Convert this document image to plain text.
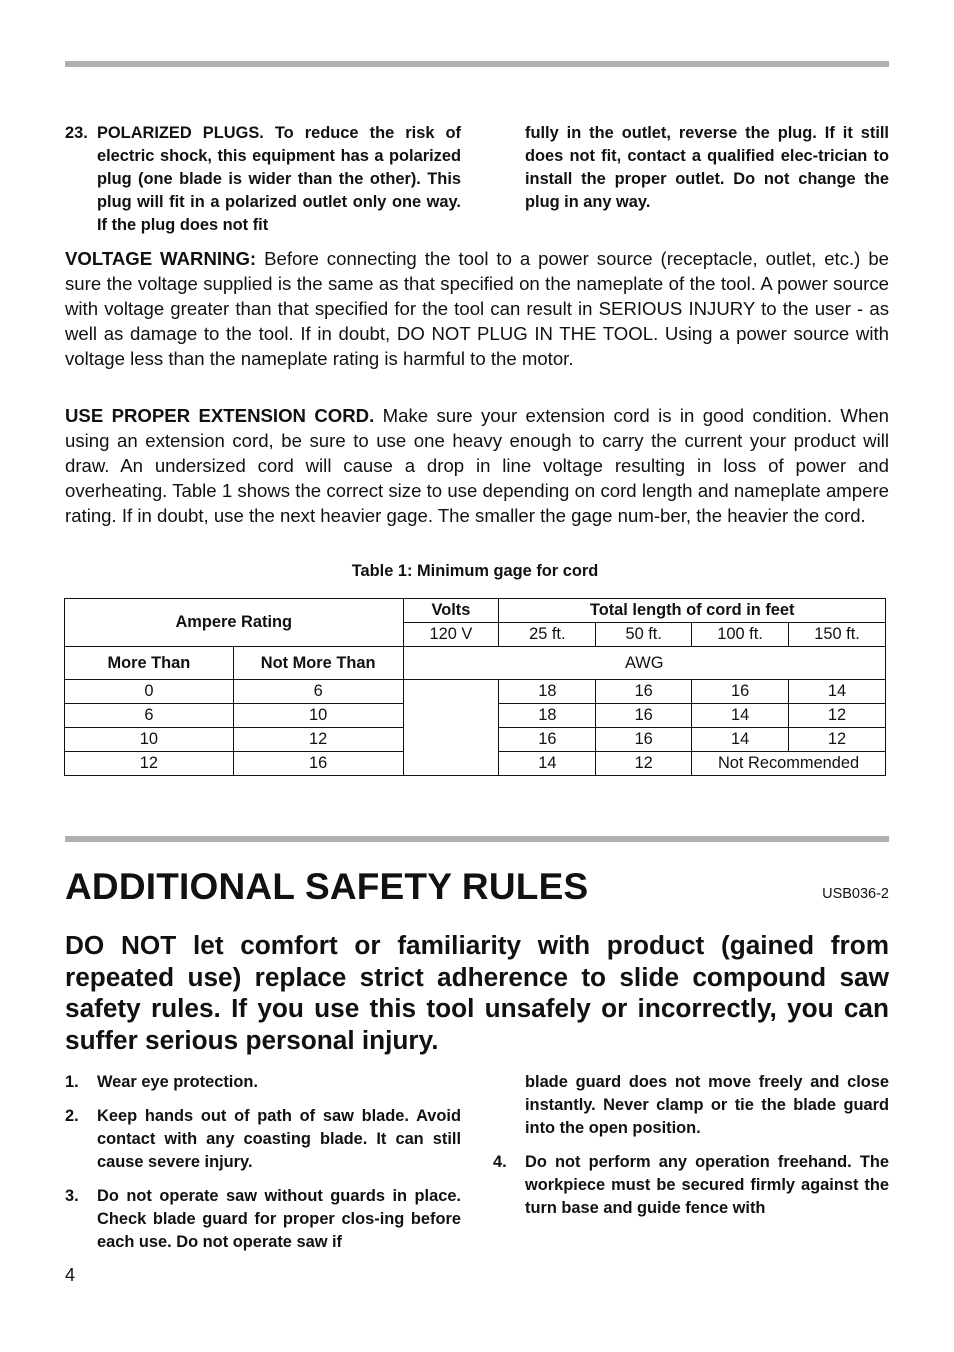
23. POLARIZED PLUGS. To reduce the risk of electric shock, this equipment has a polarized plug (one blade is wider than the other). This plug will fit in a polarized outlet only one way. If the plug does not fit
fully in the outlet, reverse the plug. If it still does not fit, contact a qualified elec-trician to install the proper outlet. Do not change the plug in any way.
VOLTAGE WARNING: Before connecting the tool to a power source (receptacle, outlet, etc.) be sure the voltage supplied is the same as that specified on the nameplate of the tool. A power source with voltage greater than that specified for the tool can result in SERIOUS INJURY to the user - as well as damage to the tool. If in doubt, DO NOT PLUG IN THE TOOL. Using a power source with voltage less than the nameplate rating is harmful to the motor.
USE PROPER EXTENSION CORD. Make sure your extension cord is in good condition. When using an extension cord, be sure to use one heavy enough to carry the current your product will draw. An undersized cord will cause a drop in line voltage resulting in loss of power and overheating. Table 1 shows the correct size to use depending on cord length and nameplate ampere rating. If in doubt, use the next heavier gage. The smaller the gage num-ber, the heavier the cord.
Table 1: Minimum gage for cord
Ampere Rating		Volts	Total length of cord in feet			
		120 V	25 ft.	50 ft.	100 ft.	150 ft.
More Than	Not More Than	AWG				
0	6		18	16	16	14
6	10		18	16	14	12
10	12		16	16	14	12
12	16		14	12	Not Recommended	
ADDITIONAL SAFETY RULES	USB036-2
DO NOT let comfort or familiarity with product (gained from repeated use) replace strict adherence to slide compound saw safety rules. If you use this tool unsafely or incorrectly, you can suffer serious personal injury.
1.	Wear eye protection.
2.	Keep hands out of path of saw blade. Avoid contact with any coasting blade. It can still cause severe injury.
3.	Do not operate saw without guards in place. Check blade guard for proper clos-ing before each use. Do not operate saw if
blade guard does not move freely and close instantly. Never clamp or tie the blade guard into the open position.
4.	Do not perform any operation freehand. The workpiece must be secured firmly against the turn base and guide fence with
4
